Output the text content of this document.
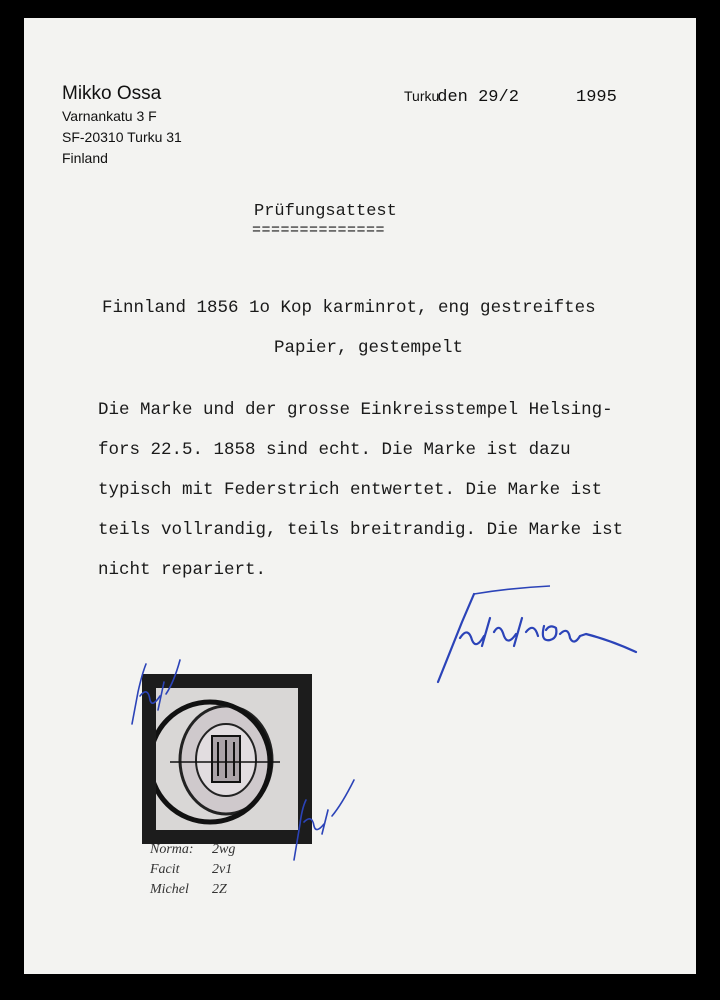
Mikko Ossa
Varnankatu 3 F
SF-20310 Turku 31
Finland
Turkuden 29/2	1995
Prüfungsattest
==============
Finnland 1856 1o Kop karminrot, eng gestreiftes
Papier, gestempelt
Die Marke und der grosse Einkreisstempel Helsing-
fors 22.5. 1858 sind echt. Die Marke ist dazu
typisch mit Federstrich entwertet. Die Marke ist
teils vollrandig, teils breitrandig. Die Marke ist
nicht repariert.
Norma: 2wg
Facit 2v1
Michel 2Z
